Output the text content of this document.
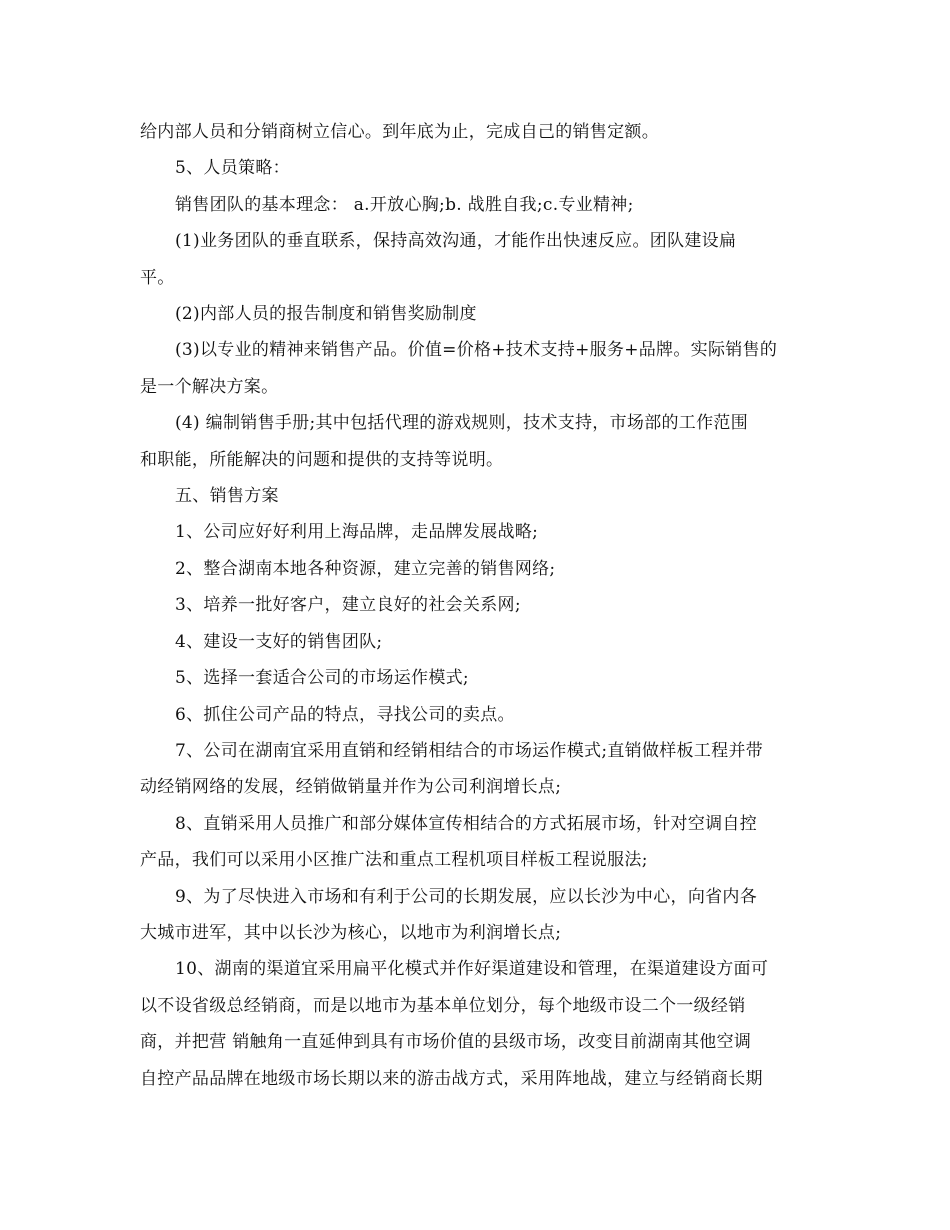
给内部人员和分销商树立信心。到年底为止，完成自己的销售定额。
5、人员策略：
销售团队的基本理念： a.开放心胸;b. 战胜自我;c.专业精神;
(1)业务团队的垂直联系，保持高效沟通，才能作出快速反应。团队建设扁
平。
(2)内部人员的报告制度和销售奖励制度
(3)以专业的精神来销售产品。价值=价格+技术支持+服务+品牌。实际销售的
是一个解决方案。
(4) 编制销售手册;其中包括代理的游戏规则，技术支持，市场部的工作范围
和职能，所能解决的问题和提供的支持等说明。
五、销售方案
1、公司应好好利用上海品牌，走品牌发展战略;
2、整合湖南本地各种资源，建立完善的销售网络;
3、培养一批好客户，建立良好的社会关系网;
4、建设一支好的销售团队;
5、选择一套适合公司的市场运作模式;
6、抓住公司产品的特点，寻找公司的卖点。
7、公司在湖南宜采用直销和经销相结合的市场运作模式;直销做样板工程并带
动经销网络的发展，经销做销量并作为公司利润增长点;
8、直销采用人员推广和部分媒体宣传相结合的方式拓展市场，针对空调自控
产品，我们可以采用小区推广法和重点工程机项目样板工程说服法;
9、为了尽快进入市场和有利于公司的长期发展，应以长沙为中心，向省内各
大城市进军，其中以长沙为核心，以地市为利润增长点;
10、湖南的渠道宜采用扁平化模式并作好渠道建设和管理，在渠道建设方面可
以不设省级总经销商，而是以地市为基本单位划分，每个地级市设二个一级经销
商，并把营 销触角一直延伸到具有市场价值的县级市场，改变目前湖南其他空调
自控产品品牌在地级市场长期以来的游击战方式，采用阵地战，建立与经销商长期
